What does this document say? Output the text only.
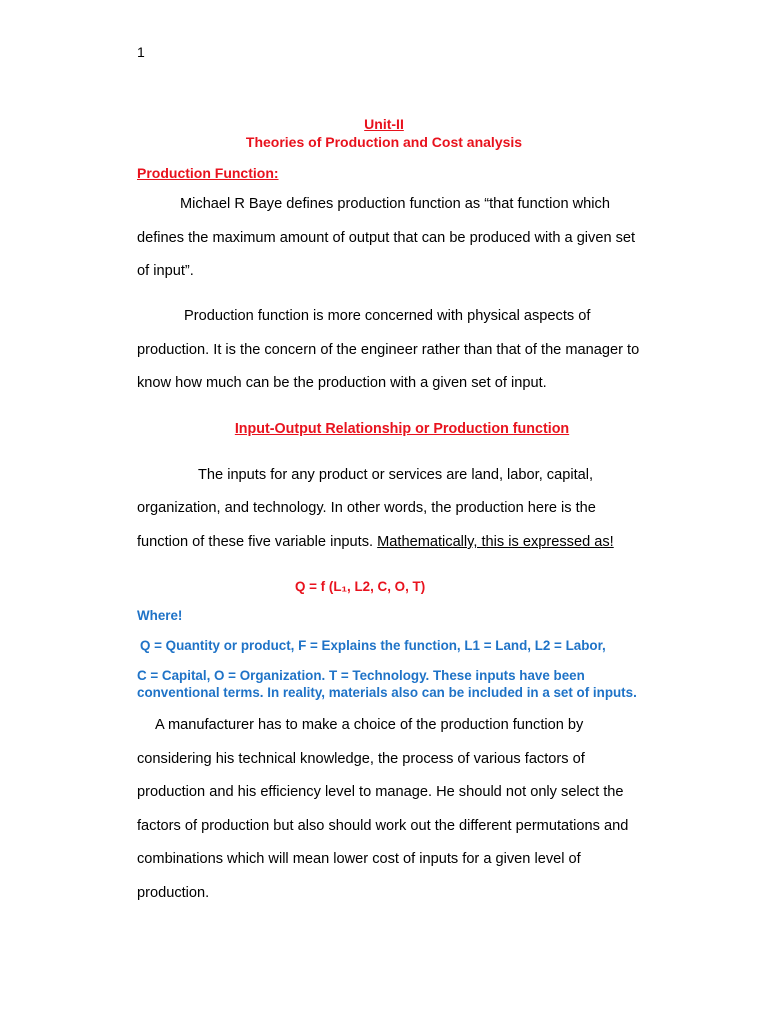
1
Unit-II
Theories of Production and Cost analysis
Production Function:
Michael R Baye defines production function as “that function which
defines the maximum amount of output that can be produced with a given set
of input”.
Production function is more concerned with physical aspects of
production. It is the concern of the engineer rather than that of the manager to
know how much can be the production with a given set of input.
Input-Output Relationship or Production function
The inputs for any product or services are land, labor, capital,
organization, and technology. In other words, the production here is the
function of these five variable inputs. Mathematically, this is expressed as!
Q = f (L₁, L2, C, O, T)
Where!
Q = Quantity or product, F = Explains the function, L1 = Land, L2 = Labor,
C = Capital, O = Organization. T = Technology. These inputs have been
conventional terms. In reality, materials also can be included in a set of inputs.
A manufacturer has to make a choice of the production function by
considering his technical knowledge, the process of various factors of
production and his efficiency level to manage. He should not only select the
factors of production but also should work out the different permutations and
combinations which will mean lower cost of inputs for a given level of
production.
